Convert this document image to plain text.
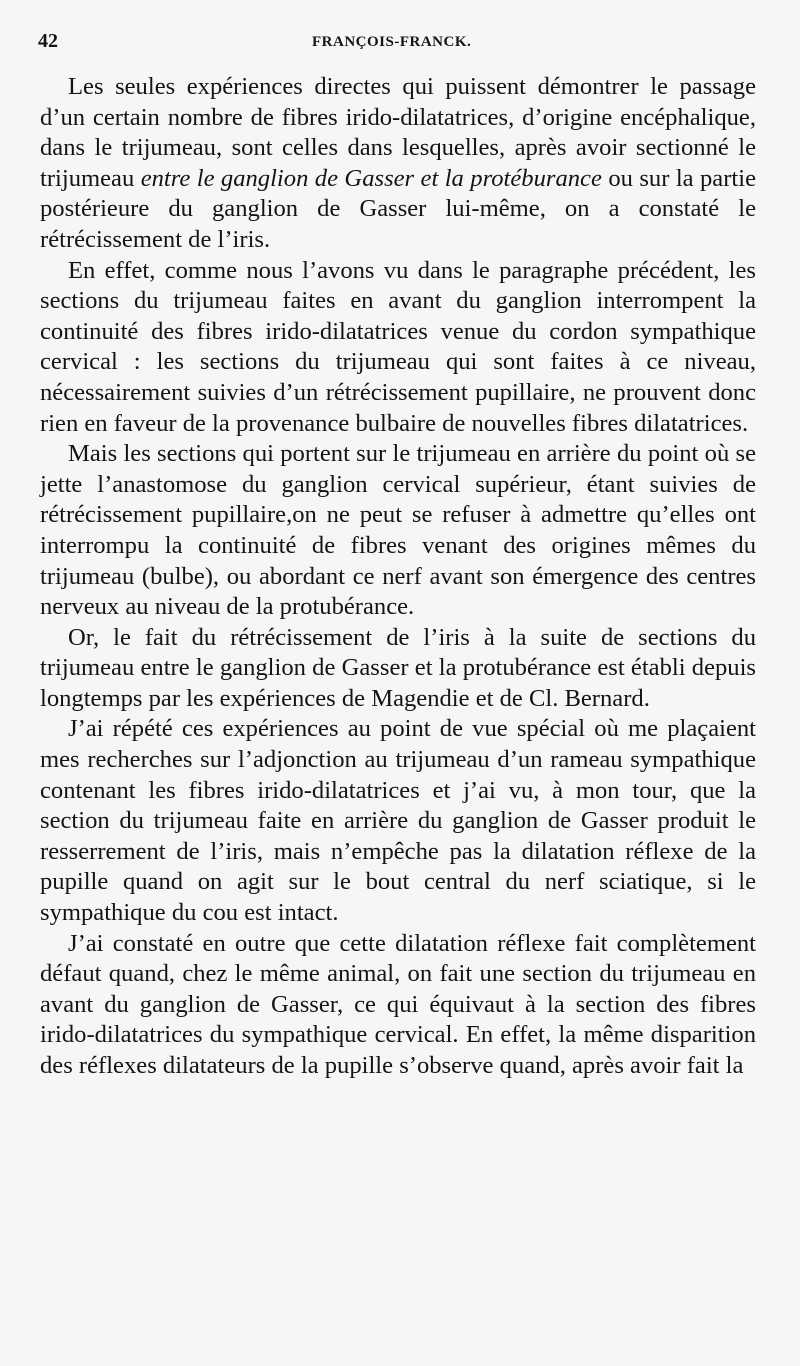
42	FRANÇOIS-FRANCK.

Les seules expériences directes qui puissent démontrer le passage d’un certain nombre de fibres irido-dilatatrices, d’origine encéphalique, dans le trijumeau, sont celles dans lesquelles, après avoir sectionné le trijumeau entre le ganglion de Gasser et la protéburance ou sur la partie postérieure du ganglion de Gasser lui-même, on a constaté le rétrécissement de l’iris.

En effet, comme nous l’avons vu dans le paragraphe précédent, les sections du trijumeau faites en avant du ganglion interrompent la continuité des fibres irido-dilatatrices venue du cordon sympathique cervical : les sections du trijumeau qui sont faites à ce niveau, nécessairement suivies d’un rétrécissement pupillaire, ne prouvent donc rien en faveur de la provenance bulbaire de nouvelles fibres dilatatrices.

Mais les sections qui portent sur le trijumeau en arrière du point où se jette l’anastomose du ganglion cervical supérieur, étant suivies de rétrécissement pupillaire,on ne peut se refuser à admettre qu’elles ont interrompu la continuité de fibres venant des origines mêmes du trijumeau (bulbe), ou abordant ce nerf avant son émergence des centres nerveux au niveau de la protubérance.

Or, le fait du rétrécissement de l’iris à la suite de sections du trijumeau entre le ganglion de Gasser et la protubérance est établi depuis longtemps par les expériences de Magendie et de Cl. Bernard.

J’ai répété ces expériences au point de vue spécial où me plaçaient mes recherches sur l’adjonction au trijumeau d’un rameau sympathique contenant les fibres irido-dilatatrices et j’ai vu, à mon tour, que la section du trijumeau faite en arrière du ganglion de Gasser produit le resserrement de l’iris, mais n’empêche pas la dilatation réflexe de la pupille quand on agit sur le bout central du nerf sciatique, si le sympathique du cou est intact.

J’ai constaté en outre que cette dilatation réflexe fait complètement défaut quand, chez le même animal, on fait une section du trijumeau en avant du ganglion de Gasser, ce qui équivaut à la section des fibres irido-dilatatrices du sympathique cervical. En effet, la même disparition des réflexes dilatateurs de la pupille s’observe quand, après avoir fait la
